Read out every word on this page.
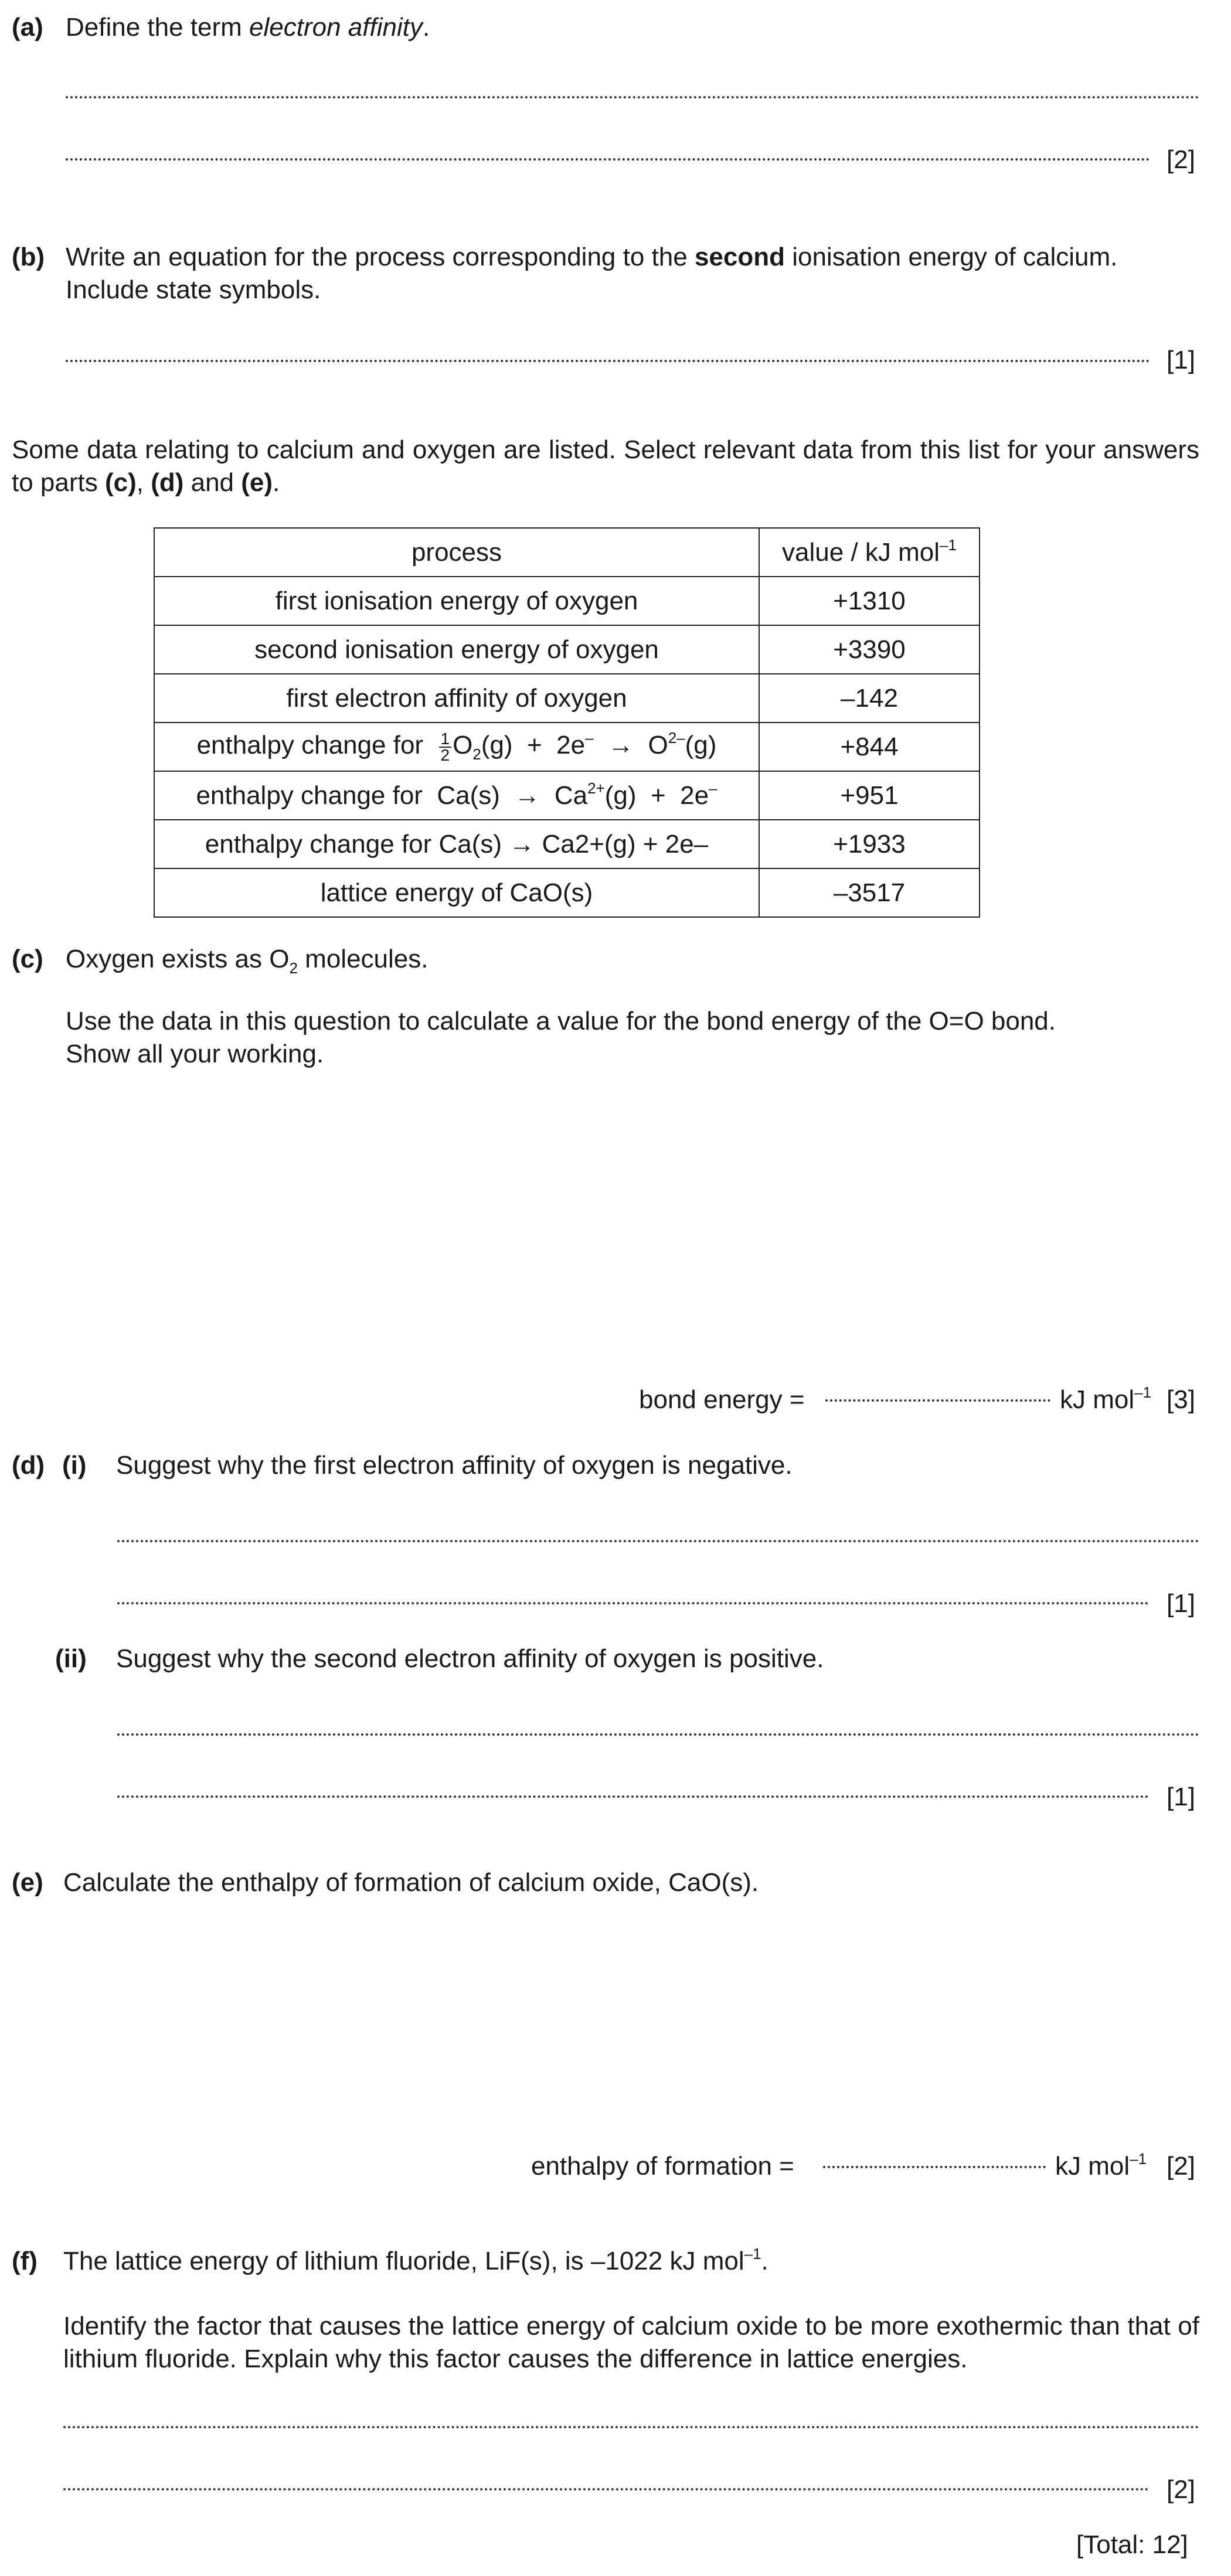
(a) Define the term electron affinity.
[2]
(b) Write an equation for the process corresponding to the second ionisation energy of calcium.
Include state symbols.
[1]
Some data relating to calcium and oxygen are listed. Select relevant data from this list for your answers to parts (c), (d) and (e).
process	value / kJ mol$^{-1}$
first ionisation energy of oxygen	+1310
second ionisation energy of oxygen	+3390
first electron affinity of oxygen	–142
enthalpy change for $\frac{1}{2} O_2(g) + 2e^- \to O^{2-}(g)$	+844
enthalpy change for  $Ca(s) \to Ca^{2+}(g) + 2e^-$	+951
enthalpy change for Ca(s) → Ca2+(g) + 2e–	+1933
lattice energy of CaO(s)	–3517
(c) Oxygen exists as $O_2$ molecules.
Use the data in this question to calculate a value for the bond energy of the O=O bond.
Show all your working.
bond energy =	kJ mol$^{-1}$ [3]
(d) (i) Suggest why the first electron affinity of oxygen is negative.
[1]
(ii) Suggest why the second electron affinity of oxygen is positive.
[1]
(e) Calculate the enthalpy of formation of calcium oxide, CaO(s).
enthalpy of formation =	kJ mol$^{-1}$ [2]
(f) The lattice energy of lithium fluoride, LiF(s), is –1022 kJ mol$^{-1}$.
Identify the factor that causes the lattice energy of calcium oxide to be more exothermic than that of lithium fluoride. Explain why this factor causes the difference in lattice energies.
[2]
[Total: 12]
